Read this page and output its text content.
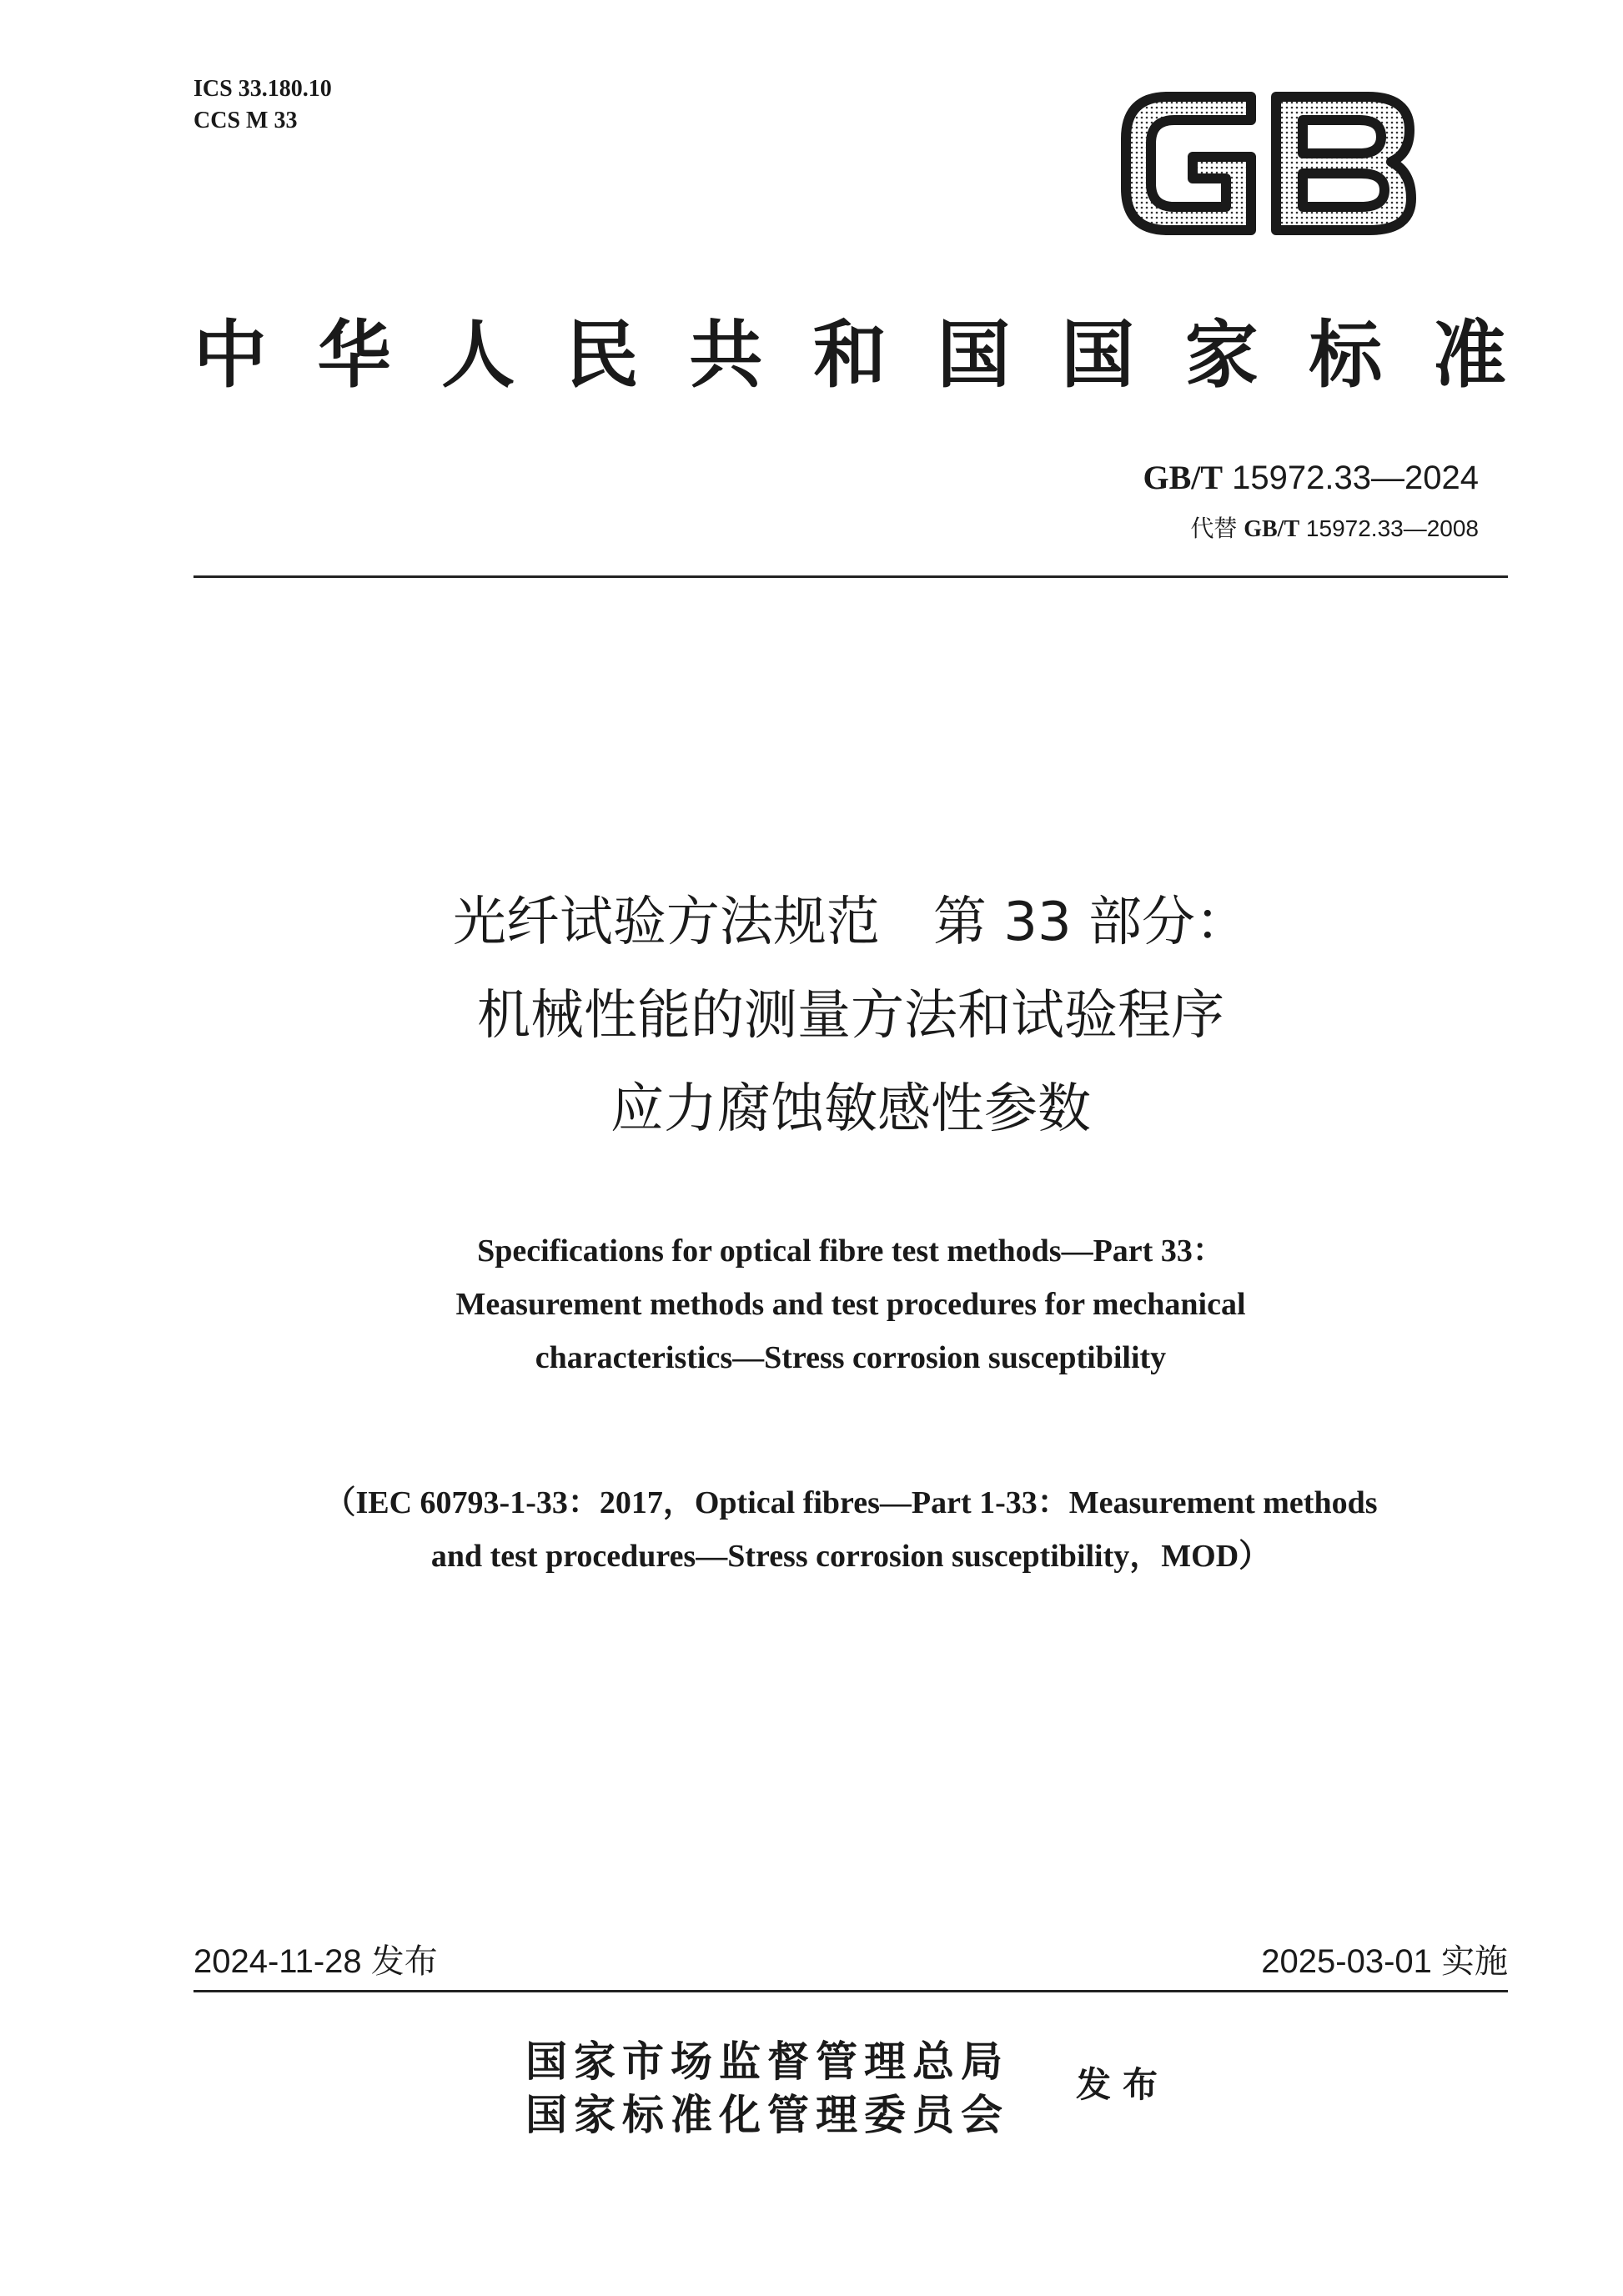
ICS 33.180.10
CCS M 33
中华人民共和国国家标准
GB/T 15972.33—2024
代替 GB/T 15972.33—2008
光纤试验方法规范　第 33 部分：
机械性能的测量方法和试验程序
应力腐蚀敏感性参数
Specifications for optical fibre test methods—Part 33：
Measurement methods and test procedures for mechanical
characteristics—Stress corrosion susceptibility
（IEC 60793-1-33：2017，Optical fibres—Part 1-33：Measurement methods
and test procedures—Stress corrosion susceptibility，MOD）
2024-11-28 发布	2025-03-01 实施
国家市场监督管理总局
国家标准化管理委员会
发布
